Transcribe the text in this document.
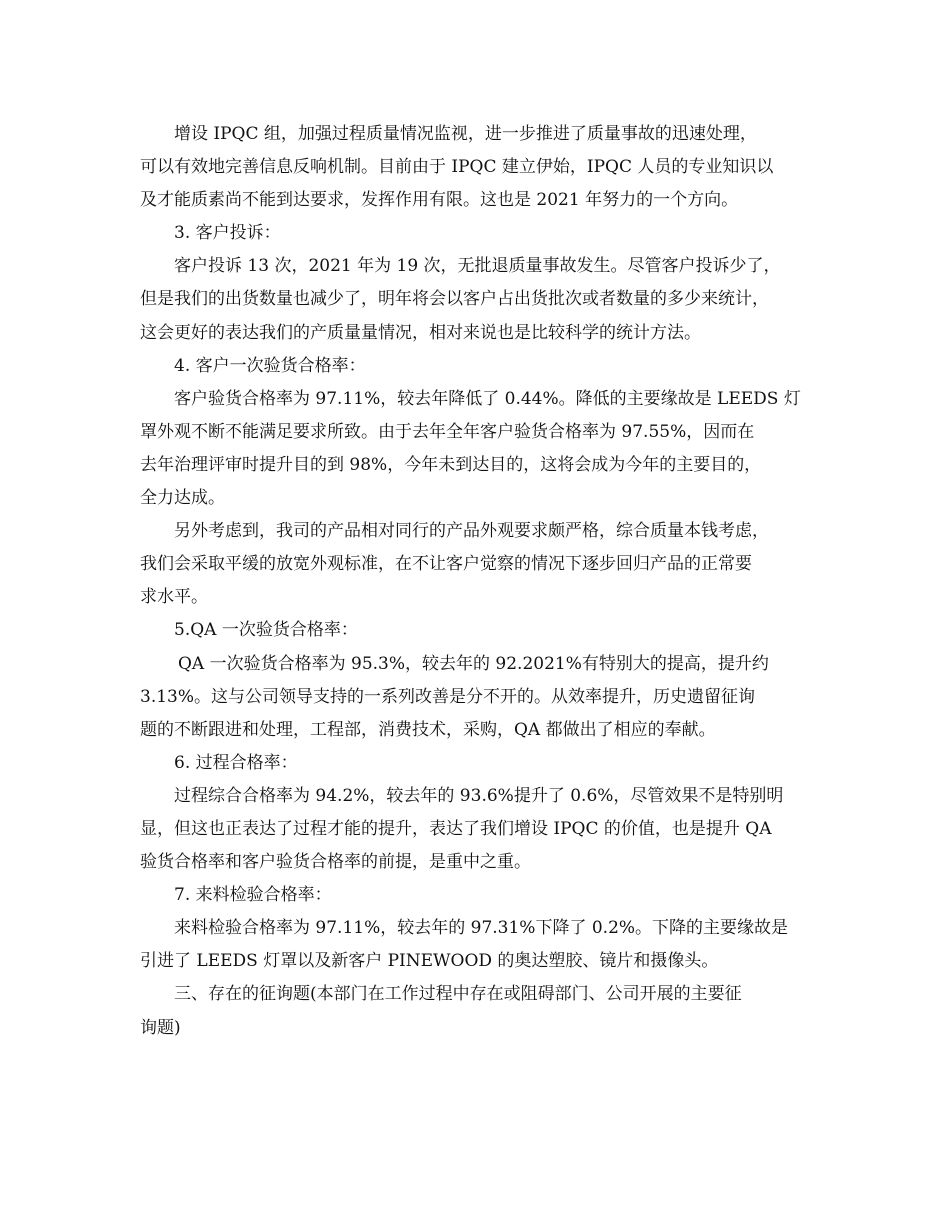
增设 IPQC 组，加强过程质量情况监视，进一步推进了质量事故的迅速处理，
可以有效地完善信息反响机制。目前由于 IPQC 建立伊始，IPQC 人员的专业知识以
及才能质素尚不能到达要求，发挥作用有限。这也是 2021 年努力的一个方向。
3. 客户投诉：
客户投诉 13 次，2021 年为 19 次，无批退质量事故发生。尽管客户投诉少了，
但是我们的出货数量也减少了，明年将会以客户占出货批次或者数量的多少来统计，
这会更好的表达我们的产质量量情况，相对来说也是比较科学的统计方法。
4. 客户一次验货合格率：
客户验货合格率为 97.11%，较去年降低了 0.44%。降低的主要缘故是 LEEDS 灯
罩外观不断不能满足要求所致。由于去年全年客户验货合格率为 97.55%，因而在
去年治理评审时提升目的到 98%，今年未到达目的，这将会成为今年的主要目的，
全力达成。
另外考虑到，我司的产品相对同行的产品外观要求颇严格，综合质量本钱考虑，
我们会采取平缓的放宽外观标准，在不让客户觉察的情况下逐步回归产品的正常要
求水平。
5.QA 一次验货合格率：
QA 一次验货合格率为 95.3%，较去年的 92.2021%有特别大的提高，提升约
3.13%。这与公司领导支持的一系列改善是分不开的。从效率提升，历史遗留征询
题的不断跟进和处理，工程部，消费技术，采购，QA 都做出了相应的奉献。
6. 过程合格率：
过程综合合格率为 94.2%，较去年的 93.6%提升了 0.6%，尽管效果不是特别明
显，但这也正表达了过程才能的提升，表达了我们增设 IPQC 的价值，也是提升 QA
验货合格率和客户验货合格率的前提，是重中之重。
7. 来料检验合格率：
来料检验合格率为 97.11%，较去年的 97.31%下降了 0.2%。下降的主要缘故是
引进了 LEEDS 灯罩以及新客户 PINEWOOD 的奥达塑胶、镜片和摄像头。
三、存在的征询题(本部门在工作过程中存在或阻碍部门、公司开展的主要征
询题)
